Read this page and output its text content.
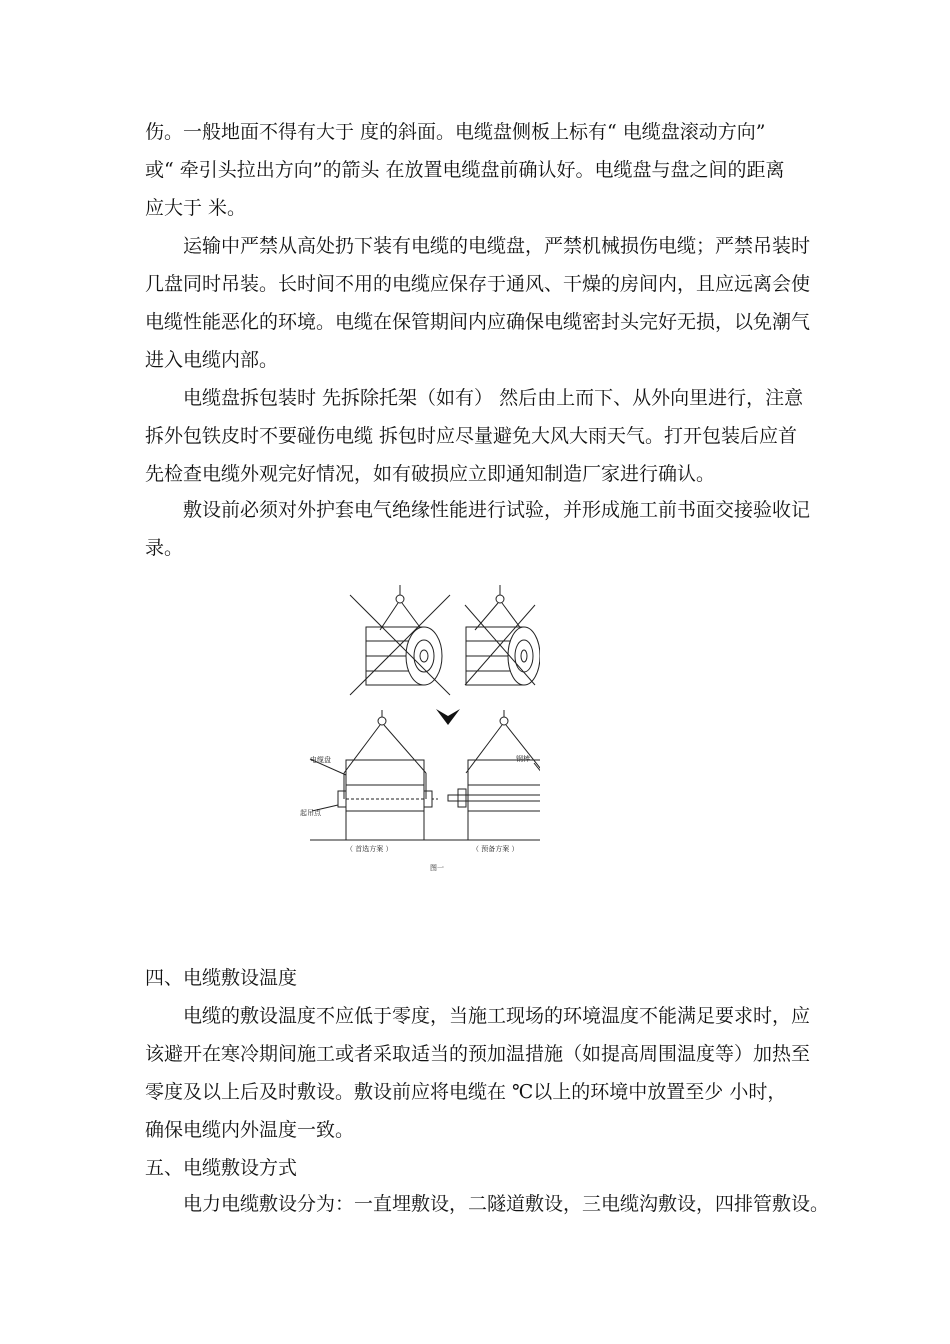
伤。一般地面不得有大于 度的斜面。电缆盘侧板上标有“ 电缆盘滚动方向”
或“ 牵引头拉出方向”的箭头 在放置电缆盘前确认好。电缆盘与盘之间的距离
应大于 米。
运输中严禁从高处扔下装有电缆的电缆盘，严禁机械损伤电缆；严禁吊装时
几盘同时吊装。长时间不用的电缆应保存于通风、干燥的房间内，且应远离会使
电缆性能恶化的环境。电缆在保管期间内应确保电缆密封头完好无损，以免潮气
进入电缆内部。
电缆盘拆包装时 先拆除托架（如有） 然后由上而下、从外向里进行，注意
拆外包铁皮时不要碰伤电缆 拆包时应尽量避免大风大雨天气。打开包装后应首
先检查电缆外观完好情况，如有破损应立即通知制造厂家进行确认。
敷设前必须对外护套电气绝缘性能进行试验，并形成施工前书面交接验收记
录。
电缆盘
起吊点
钢棒
（ 首选方案 ）	（ 预备方案 ）
图一
四、电缆敷设温度
电缆的敷设温度不应低于零度，当施工现场的环境温度不能满足要求时，应
该避开在寒冷期间施工或者采取适当的预加温措施（如提高周围温度等）加热至
零度及以上后及时敷设。敷设前应将电缆在 ℃以上的环境中放置至少 小时，
确保电缆内外温度一致。
五、电缆敷设方式
电力电缆敷设分为：一直埋敷设，二隧道敷设，三电缆沟敷设，四排管敷设。
